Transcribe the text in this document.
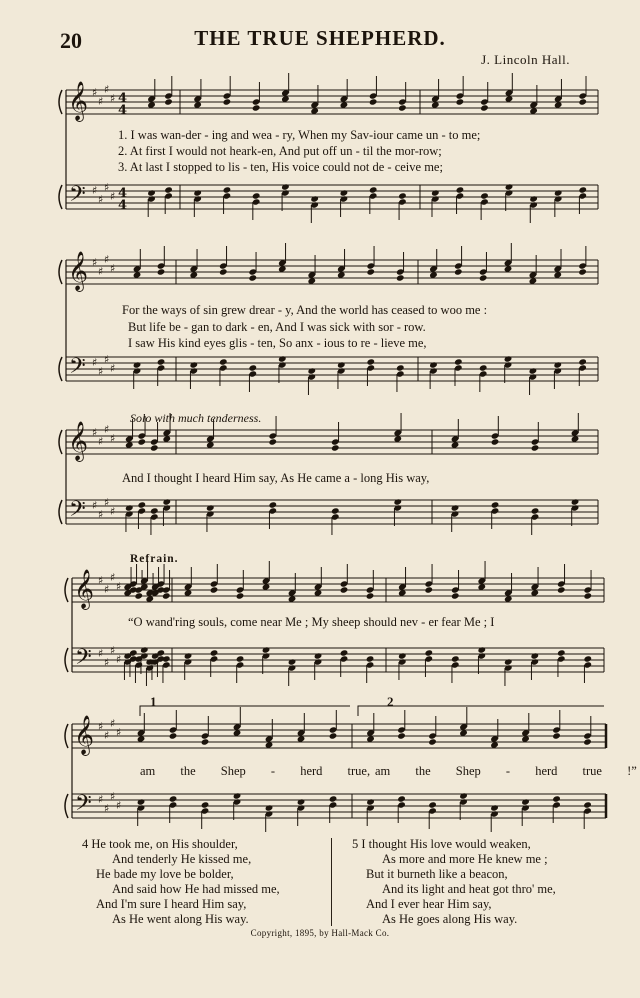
20	THE TRUE SHEPHERD.
J. Lincoln Hall.
𝄞
𝄢
♯
♯
♯
♯
♯
♯
♯
♯
4
4
4
4
𝄞
𝄢
♯
♯
♯
♯
♯
♯
♯
♯
𝄞
𝄢
♯
♯
♯
♯
♯
♯
♯
♯
𝄞
𝄢
♯
♯
♯
♯
♯
♯
♯
♯
𝄞
𝄢
♯
♯
♯
♯
♯
♯
♯
♯
1. I was wan-der - ing and wea - ry, When my Sav-iour came un - to me;
2. At first I would not heark-en, And put off un - til the mor-row;
3. At last I stopped to lis - ten, His voice could not de - ceive me;
For the ways of sin grew drear - y, And the world has ceased to woo me :
But life be - gan to dark - en, And I was sick with sor - row.
I saw His kind eyes glis - ten, So anx - ious to re - lieve me,
Solo with much tenderness.
And I thought I heard Him say, As He came a - long His way,
Refrain.
“O wand'ring souls, come near Me ; My sheep should nev - er fear Me ; I
1	2
am the Shep - herd true, am the Shep - herd true !”
4 He took me, on His shoulder,
And tenderly He kissed me,
He bade my love be bolder,
And said how He had missed me,
And I'm sure I heard Him say,
As He went along His way.
5 I thought His love would weaken,
As more and more He knew me ;
But it burneth like a beacon,
And its light and heat got thro' me,
And I ever hear Him say,
As He goes along His way.
Copyright, 1895, by Hall-Mack Co.
